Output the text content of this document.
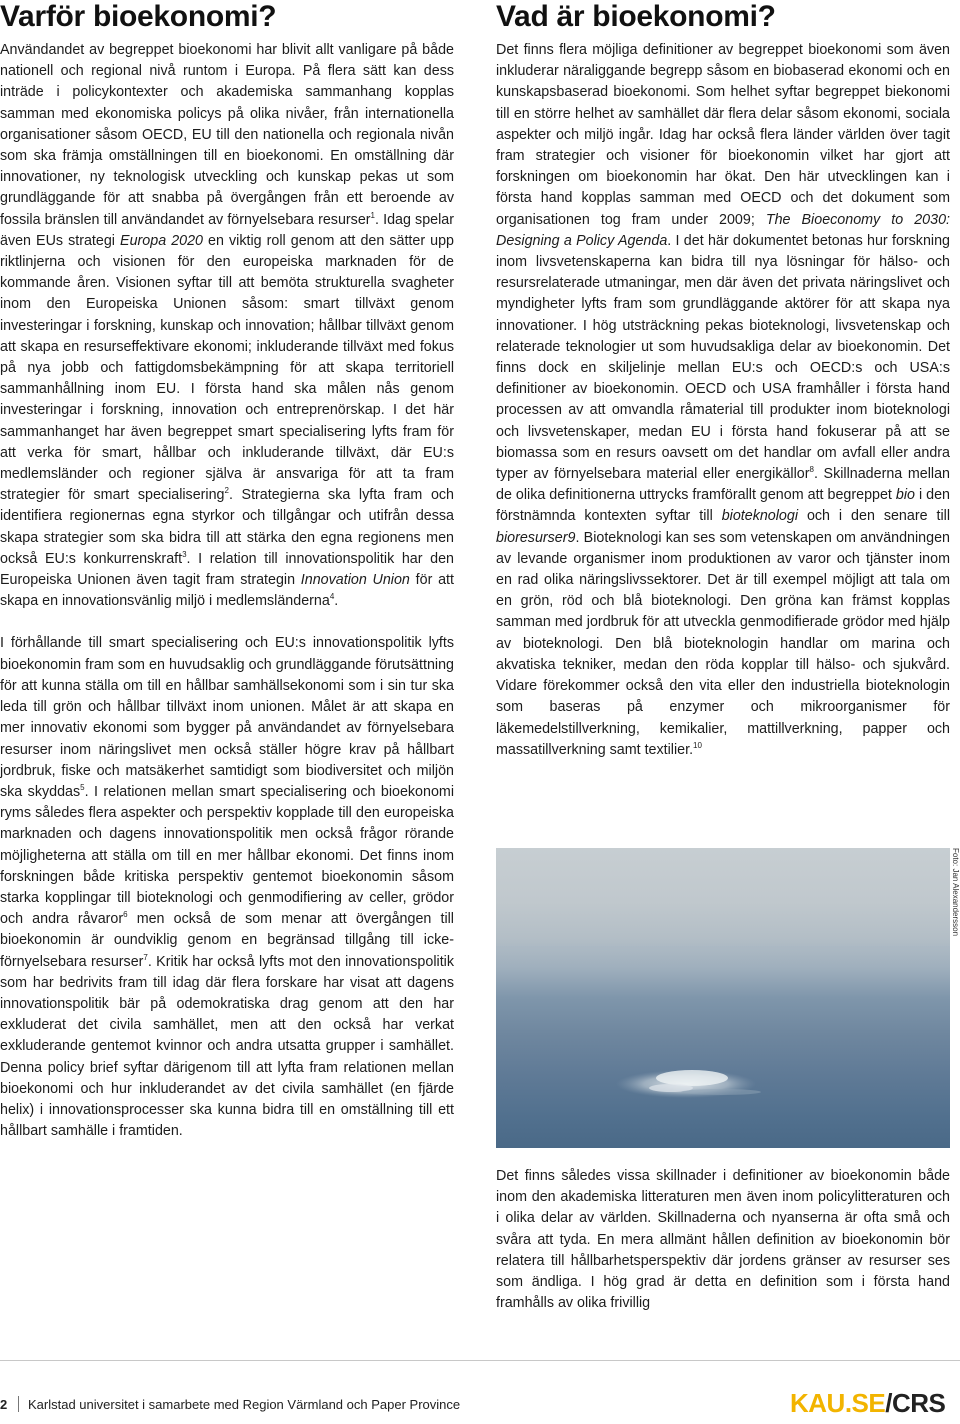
Varför bioekonomi?

Användandet av begreppet bioekonomi har blivit allt vanligare på både nationell och regional nivå runtom i Europa. På flera sätt kan dess inträde i policykontexter och akademiska sammanhang kopplas samman med ekonomiska policys på olika nivåer, från internationella organisationer såsom OECD, EU till den nationella och regionala nivån som ska främja omställningen till en bioekonomi. En omställning där innovationer, ny teknologisk utveckling och kunskap pekas ut som grundläggande för att snabba på övergången från ett beroende av fossila bränslen till användandet av förnyelsebara resurser$^1$. Idag spelar även EUs strategi Europa 2020 en viktig roll genom att den sätter upp riktlinjerna och visionen för den europeiska marknaden för de kommande åren. Visionen syftar till att bemöta strukturella svagheter inom den Europeiska Unionen såsom: smart tillväxt genom investeringar i forskning, kunskap och innovation; hållbar tillväxt genom att skapa en resurseffektivare ekonomi; inkluderande tillväxt med fokus på nya jobb och fattigdomsbekämpning för att skapa territoriell sammanhållning inom EU. I första hand ska målen nås genom investeringar i forskning, innovation och entreprenörskap. I det här sammanhanget har även begreppet smart specialisering lyfts fram för att verka för smart, hållbar och inkluderande tillväxt, där EU:s medlemsländer och regioner själva är ansvariga för att ta fram strategier för smart specialisering$^2$. Strategierna ska lyfta fram och identifiera regionernas egna styrkor och tillgångar och utifrån dessa skapa strategier som ska bidra till att stärka den egna regionens men också EU:s konkurrenskraft$^3$. I relation till innovationspolitik har den Europeiska Unionen även tagit fram strategin Innovation Union för att skapa en innovationsvänlig miljö i medlemsländerna$^4$.

I förhållande till smart specialisering och EU:s innovationspolitik lyfts bioekonomin fram som en huvudsaklig och grundläggande förutsättning för att kunna ställa om till en hållbar samhällsekonomi som i sin tur ska leda till grön och hållbar tillväxt inom unionen. Målet är att skapa en mer innovativ ekonomi som bygger på användandet av förnyelsebara resurser inom näringslivet men också ställer högre krav på hållbart jordbruk, fiske och matsäkerhet samtidigt som biodiversitet och miljön ska skyddas$^5$. I relationen mellan smart specialisering och bioekonomi ryms således flera aspekter och perspektiv kopplade till den europeiska marknaden och dagens innovationspolitik men också frågor rörande möjligheterna att ställa om till en mer hållbar ekonomi. Det finns inom forskningen både kritiska perspektiv gentemot bioekonomin såsom starka kopplingar till bioteknologi och genmodifiering av celler, grödor och andra råvaror$^6$ men också de som menar att övergången till bioekonomin är oundviklig genom en begränsad tillgång till icke-förnyelsebara resurser$^7$. Kritik har också lyfts mot den innovationspolitik som har bedrivits fram till idag där flera forskare har visat att dagens innovationspolitik bär på odemokratiska drag genom att den har exkluderat det civila samhället, men att den också har verkat exkluderande gentemot kvinnor och andra utsatta grupper i samhället. Denna policy brief syftar därigenom till att lyfta fram relationen mellan bioekonomi och hur inkluderandet av det civila samhället (en fjärde helix) i innovationsprocesser ska kunna bidra till en omställning till ett hållbart samhälle i framtiden.

Vad är bioekonomi?

Det finns flera möjliga definitioner av begreppet bioekonomi som även inkluderar näraliggande begrepp såsom en biobaserad ekonomi och en kunskapsbaserad bioekonomi. Som helhet syftar begreppet biekonomi till en större helhet av samhället där flera delar såsom ekonomi, sociala aspekter och miljö ingår. Idag har också flera länder världen över tagit fram strategier och visioner för bioekonomin vilket har gjort att forskningen om bioekonomin har ökat. Den här utvecklingen kan i första hand kopplas samman med OECD och det dokument som organisationen tog fram under 2009; The Bioeconomy to 2030: Designing a Policy Agenda. I det här dokumentet betonas hur forskning inom livsvetenskaperna kan bidra till nya lösningar för hälso- och resursrelaterade utmaningar, men där även det privata näringslivet och myndigheter lyfts fram som grundläggande aktörer för att skapa nya innovationer. I hög utsträckning pekas bioteknologi, livsvetenskap och relaterade teknologier ut som huvudsakliga delar av bioekonomin. Det finns dock en skiljelinje mellan EU:s och OECD:s och USA:s definitioner av bioekonomin. OECD och USA framhåller i första hand processen av att omvandla råmaterial till produkter inom bioteknologi och livsvetenskaper, medan EU i första hand fokuserar på att se biomassa som en resurs oavsett om det handlar om avfall eller andra typer av förnyelsebara material eller energikällor$^8$. Skillnaderna mellan de olika definitionerna uttrycks framförallt genom att begreppet bio i den förstnämnda kontexten syftar till bioteknologi och i den senare till bioresurser9. Bioteknologi kan ses som vetenskapen om användningen av levande organismer inom produktionen av varor och tjänster inom en rad olika näringslivssektorer. Det är till exempel möjligt att tala om en grön, röd och blå bioteknologi. Den gröna kan främst kopplas samman med jordbruk för att utveckla genmodifierade grödor med hjälp av bioteknologi. Den blå bioteknologin handlar om marina och akvatiska tekniker, medan den röda kopplar till hälso- och sjukvård. Vidare förekommer också den vita eller den industriella bioteknologin som baseras på enzymer och mikroorganismer för läkemedelstillverkning, kemikalier, mattillverkning, papper och massatillverkning samt textilier.$^{10}$

Foto: Jan Alexandersson

Det finns således vissa skillnader i definitioner av bioekonomin både inom den akademiska litteraturen men även inom policylitteraturen och i olika delar av världen. Skillnaderna och nyanserna är ofta små och svåra att tyda. En mera allmänt hållen definition av bioekonomin bör relatera till hållbarhetsperspektiv där jordens gränser av resurser ses som ändliga. I hög grad är detta en definition som i första hand framhålls av olika frivillig

2 Karlstad universitet i samarbete med Region Värmland och Paper Province	KAU.SE/CRS
